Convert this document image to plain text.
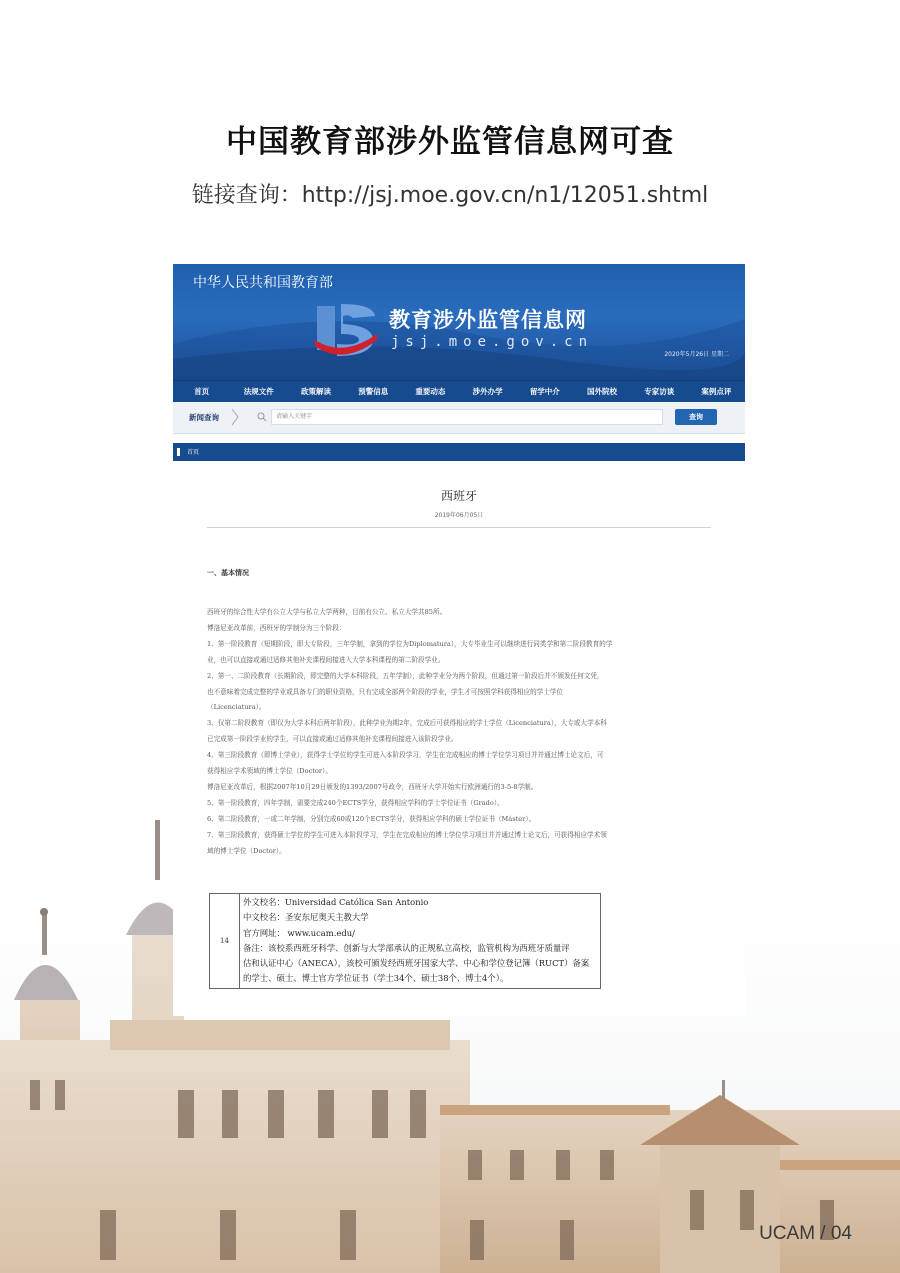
中国教育部涉外监管信息网可查
链接查询：http://jsj.moe.gov.cn/n1/12051.shtml
中华人民共和国教育部
教育涉外监管信息网
jsj.moe.gov.cn
2020年5月26日 星期二
首页	法规文件	政策解读	预警信息	重要动态	涉外办学	留学中介	国外院校	专家访谈	案例点评
新闻查询	请输入关键字	查询
首页
西班牙
2019年06月05日
一、基本情况
西班牙的综合性大学有公立大学与私立大学两种，目前有公立、私立大学共85所。
博洛尼亚改革前，西班牙的学制分为三个阶段：
1、第一阶段教育（短期阶段，即大专阶段，三年学制，拿到的学位为Diplomatura），大专毕业生可以继续进行同类学和第二阶段教育的学
业，也可以直接或通过适修其他补充课程间接进入大学本科课程的第二阶段学业。
2、第一、二阶段教育（长期阶段，即完整的大学本科阶段，五年学制），此种学业分为两个阶段，但通过第一阶段后并不颁发任何文凭，
也不意味着完成完整的学业或具备专门的职业资格，只有完成全部两个阶段的学业，学生才可按照学科获得相应的学士学位
（Licenciatura）。
3、仅第二阶段教育（即仅为大学本科后两年阶段），此种学业为期2年，完成后可获得相应的学士学位（Licenciatura），大专或大学本科
已完成第一阶段学业的学生，可以直接或通过适修其他补充课程间接进入该阶段学业。
4、第三阶段教育（即博士学业），获得学士学位的学生可进入本阶段学习，学生在完成相应的博士学位学习项目并并通过博士论文后，可
获得相应学术领域的博士学位（Doctor）。
博洛尼亚改革后，根据2007年10月29日颁发的1393/2007号政令，西班牙大学开始实行欧洲通行的3-5-8学制。
5、第一阶段教育，四年学制，需要完成240个ECTS学分，获得相应学科的学士学位证书（Grado）。
6、第二阶段教育，一或二年学制，分别完成60或120个ECTS学分，获得相应学科的硕士学位证书（Máster）。
7、第三阶段教育，获得硕士学位的学生可进入本阶段学习，学生在完成相应的博士学位学习项目并并通过博士论文后，可获得相应学术领
域的博士学位（Doctor）。
14
外文校名：Universidad Católica San Antonio
中文校名：圣安东尼奥天主教大学
官方网址： www.ucam.edu/
备注：该校系西班牙科学、创新与大学部承认的正规私立高校，监管机构为西班牙质量评
估和认证中心（ANECA），该校可颁发经西班牙国家大学、中心和学位登记簿（RUCT）备案
的学士、硕士、博士官方学位证书（学士34个、硕士38个、博士4个）。
UCAM / 04
